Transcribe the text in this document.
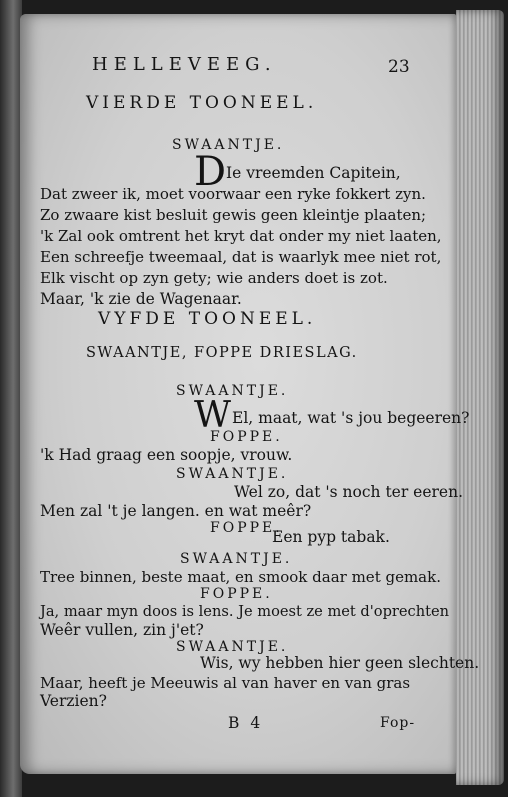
HELLEVEEG.	23
VIERDE TOONEEL.
SWAANTJE.
D Ie vreemden Capitein,
Dat zweer ik, moet voorwaar een ryke fokkert zyn.
Zo zwaare kist besluit gewis geen kleintje plaaten;
'k Zal ook omtrent het kryt dat onder my niet laaten,
Een schreefje tweemaal, dat is waarlyk mee niet rot,
Elk vischt op zyn gety; wie anders doet is zot.
Maar, 'k zie de Wagenaar.
VYFDE TOONEEL.
SWAANTJE, FOPPE DRIESLAG.
SWAANTJE.
W El, maat, wat 's jou begeeren?
FOPPE.
'k Had graag een soopje, vrouw.
SWAANTJE.
Wel zo, dat 's noch ter eeren.
Men zal 't je langen. en wat meêr?
FOPPE.
Een pyp tabak.
SWAANTJE.
Tree binnen, beste maat, en smook daar met gemak.
FOPPE.
Ja, maar myn doos is lens. Je moest ze met d'oprechten
Weêr vullen, zin j'et?
SWAANTJE.
Wis, wy hebben hier geen slechten.
Maar, heeft je Meeuwis al van haver en van gras
Verzien?
B 4	Fop-
